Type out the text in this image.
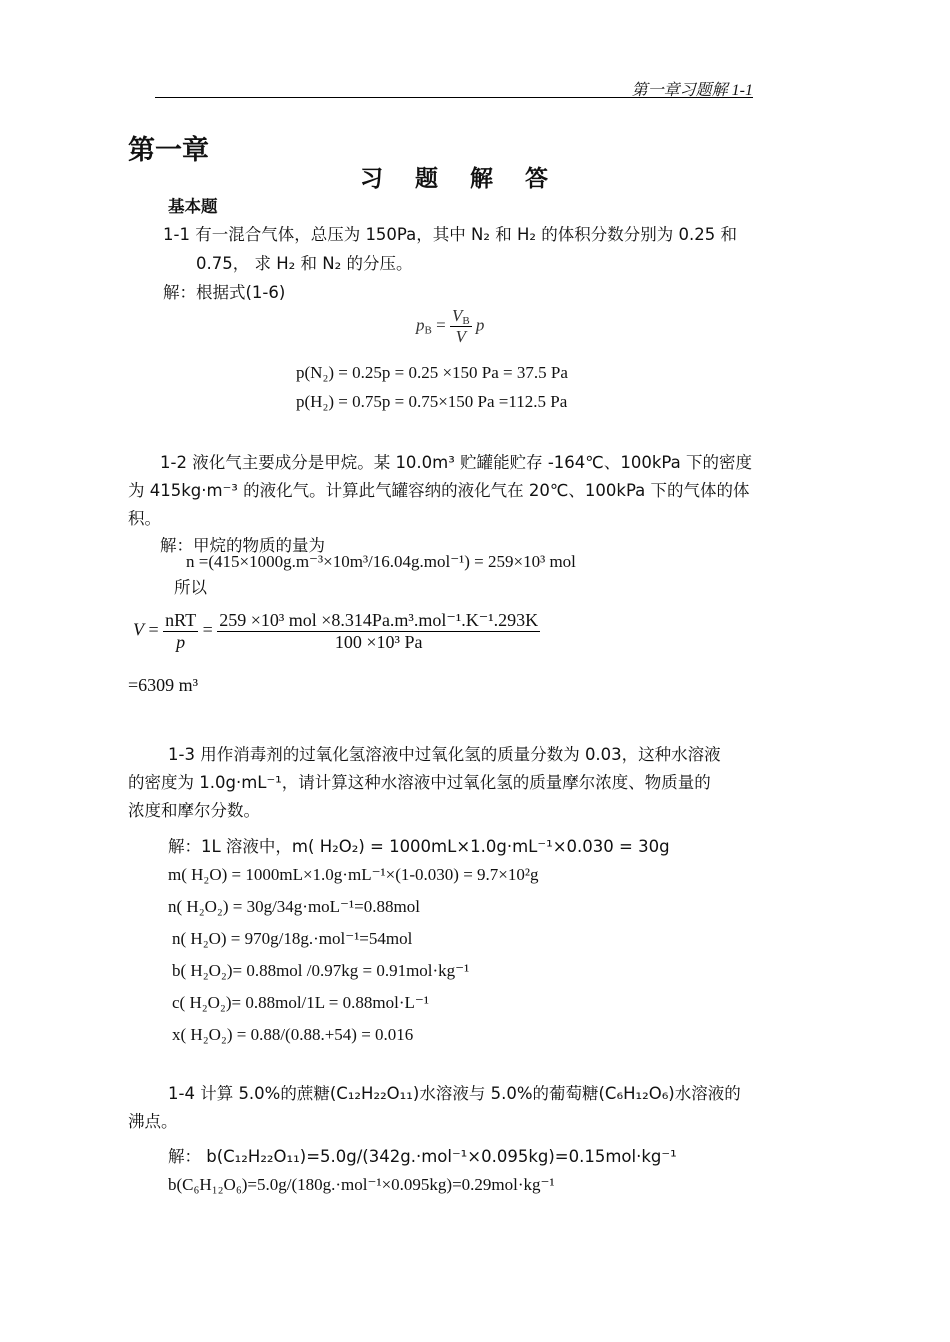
第一章习题解 1-1
第一章
习 题 解 答
基本题
1-1 有一混合气体，总压为 150Pa，其中 N₂ 和 H₂ 的体积分数分别为 0.25 和
0.75， 求 H₂ 和 N₂ 的分压。
解：根据式(1-6)
$p_B = \frac{V_B}{V}$ p
p(N₂) = 0.25p = 0.25 ×150 Pa = 37.5 Pa
p(H₂) = 0.75p = 0.75×150 Pa =112.5 Pa
1-2 液化气主要成分是甲烷。某 10.0m³ 贮罐能贮存 -164℃、100kPa 下的密度
为 415kg·m⁻³ 的液化气。计算此气罐容纳的液化气在 20℃、100kPa 下的气体的体
积。
解：甲烷的物质的量为
n =(415×1000g.m⁻³×10m³/16.04g.mol⁻¹) = 259×10³ mol
所以
$V = \frac{\text{nRT}}{p} = \frac{\text{259 ×10³ mol ×8.314Pa.m³.mol⁻¹.K⁻¹.293K}}{\text{100 ×10³ Pa}}$
=6309 m³
1-3 用作消毒剂的过氧化氢溶液中过氧化氢的质量分数为 0.03，这种水溶液
的密度为 1.0g·mL⁻¹，请计算这种水溶液中过氧化氢的质量摩尔浓度、物质量的
浓度和摩尔分数。
解：1L 溶液中，m( H₂O₂) = 1000mL×1.0g·mL⁻¹×0.030 = 30g
m( H₂O) = 1000mL×1.0g·mL⁻¹×(1-0.030) = 9.7×10²g
n( H₂O₂) = 30g/34g·moL⁻¹=0.88mol
n( H₂O) = 970g/18g.·mol⁻¹=54mol
b( H₂O₂)= 0.88mol /0.97kg = 0.91mol·kg⁻¹
c( H₂O₂)= 0.88mol/1L = 0.88mol·L⁻¹
x( H₂O₂) = 0.88/(0.88.+54) = 0.016
1-4 计算 5.0%的蔗糖(C₁₂H₂₂O₁₁)水溶液与 5.0%的葡萄糖(C₆H₁₂O₆)水溶液的
沸点。
解： b(C₁₂H₂₂O₁₁)=5.0g/(342g.·mol⁻¹×0.095kg)=0.15mol·kg⁻¹
b(C₆H₁₂O₆)=5.0g/(180g.·mol⁻¹×0.095kg)=0.29mol·kg⁻¹
